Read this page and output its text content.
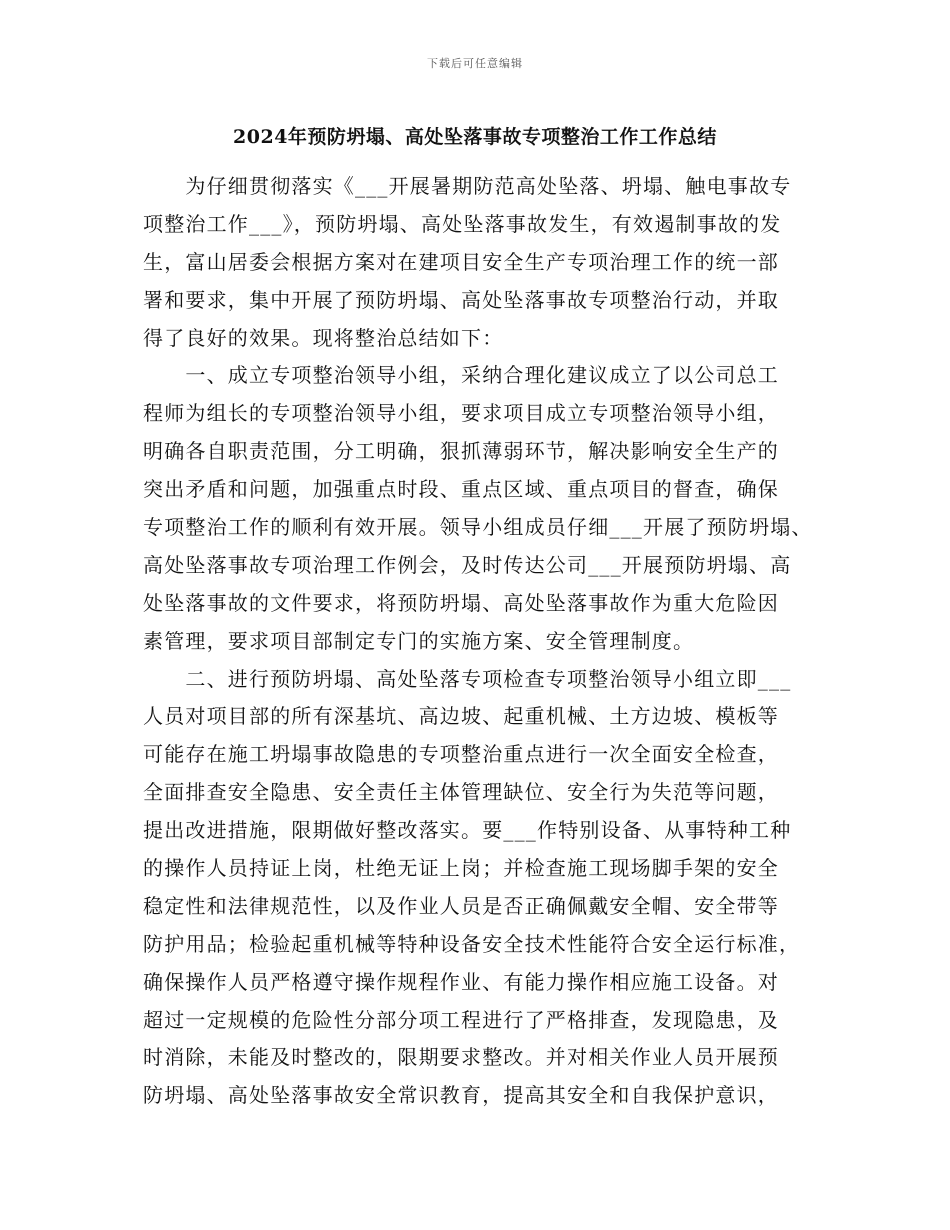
下载后可任意编辑
2024年预防坍塌、高处坠落事故专项整治工作工作总结
　　为仔细贯彻落实《___开展暑期防范高处坠落、坍塌、触电事故专
项整治工作___》，预防坍塌、高处坠落事故发生，有效遏制事故的发
生，富山居委会根据方案对在建项目安全生产专项治理工作的统一部
署和要求，集中开展了预防坍塌、高处坠落事故专项整治行动，并取
得了良好的效果。现将整治总结如下：
　　一、成立专项整治领导小组，采纳合理化建议成立了以公司总工
程师为组长的专项整治领导小组，要求项目成立专项整治领导小组，
明确各自职责范围，分工明确，狠抓薄弱环节，解决影响安全生产的
突出矛盾和问题，加强重点时段、重点区域、重点项目的督查，确保
专项整治工作的顺利有效开展。领导小组成员仔细___开展了预防坍塌、
高处坠落事故专项治理工作例会，及时传达公司___开展预防坍塌、高
处坠落事故的文件要求，将预防坍塌、高处坠落事故作为重大危险因
素管理，要求项目部制定专门的实施方案、安全管理制度。
　　二、进行预防坍塌、高处坠落专项检查专项整治领导小组立即___
人员对项目部的所有深基坑、高边坡、起重机械、土方边坡、模板等
可能存在施工坍塌事故隐患的专项整治重点进行一次全面安全检查，
全面排查安全隐患、安全责任主体管理缺位、安全行为失范等问题，
提出改进措施，限期做好整改落实。要___作特别设备、从事特种工种
的操作人员持证上岗，杜绝无证上岗；并检查施工现场脚手架的安全
稳定性和法律规范性，以及作业人员是否正确佩戴安全帽、安全带等
防护用品；检验起重机械等特种设备安全技术性能符合安全运行标准，
确保操作人员严格遵守操作规程作业、有能力操作相应施工设备。对
超过一定规模的危险性分部分项工程进行了严格排查，发现隐患，及
时消除，未能及时整改的，限期要求整改。并对相关作业人员开展预
防坍塌、高处坠落事故安全常识教育，提高其安全和自我保护意识，
